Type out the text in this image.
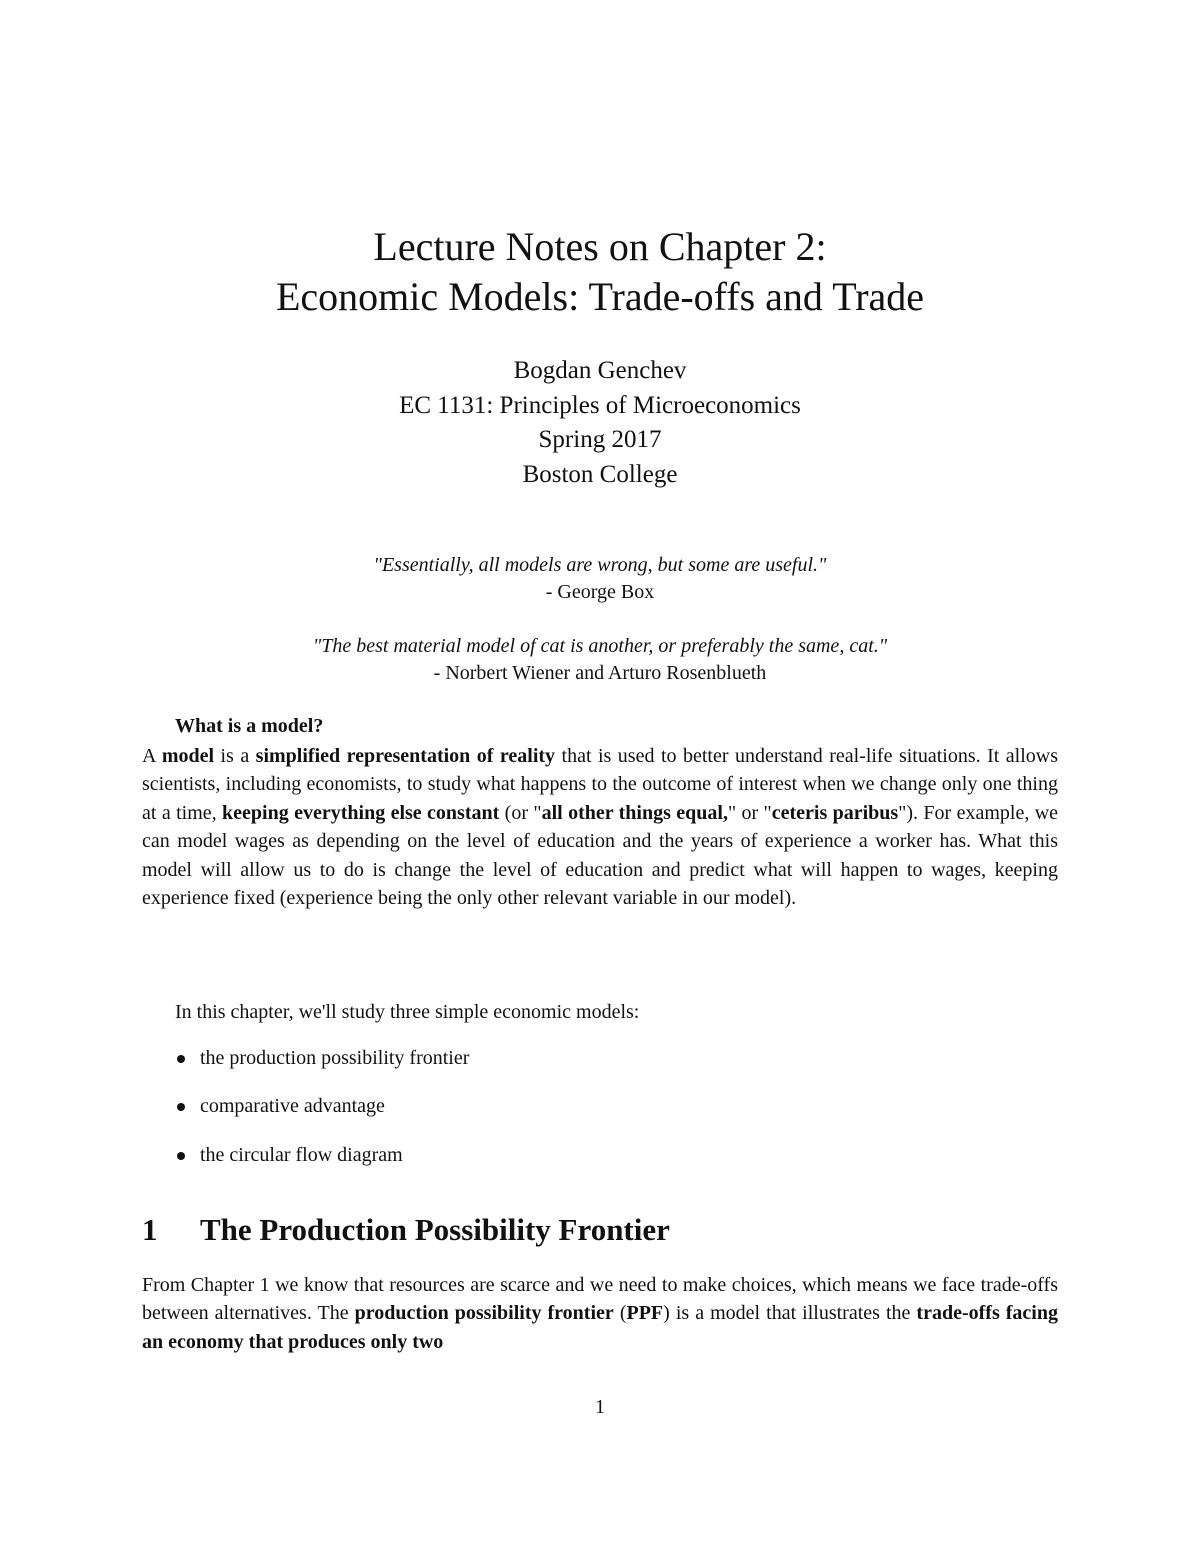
Lecture Notes on Chapter 2:
Economic Models: Trade-offs and Trade
Bogdan Genchev
EC 1131: Principles of Microeconomics
Spring 2017
Boston College
"Essentially, all models are wrong, but some are useful."
- George Box
"The best material model of cat is another, or preferably the same, cat."
- Norbert Wiener and Arturo Rosenblueth
What is a model?
A model is a simplified representation of reality that is used to better understand real-life situations. It allows scientists, including economists, to study what happens to the outcome of interest when we change only one thing at a time, keeping everything else constant (or "all other things equal," or "ceteris paribus"). For example, we can model wages as depending on the level of education and the years of experience a worker has. What this model will allow us to do is change the level of education and predict what will happen to wages, keeping experience fixed (experience being the only other relevant variable in our model).
In this chapter, we'll study three simple economic models:
the production possibility frontier
comparative advantage
the circular flow diagram
1 The Production Possibility Frontier
From Chapter 1 we know that resources are scarce and we need to make choices, which means we face trade-offs between alternatives. The production possibility frontier (PPF) is a model that illustrates the trade-offs facing an economy that produces only two
1
